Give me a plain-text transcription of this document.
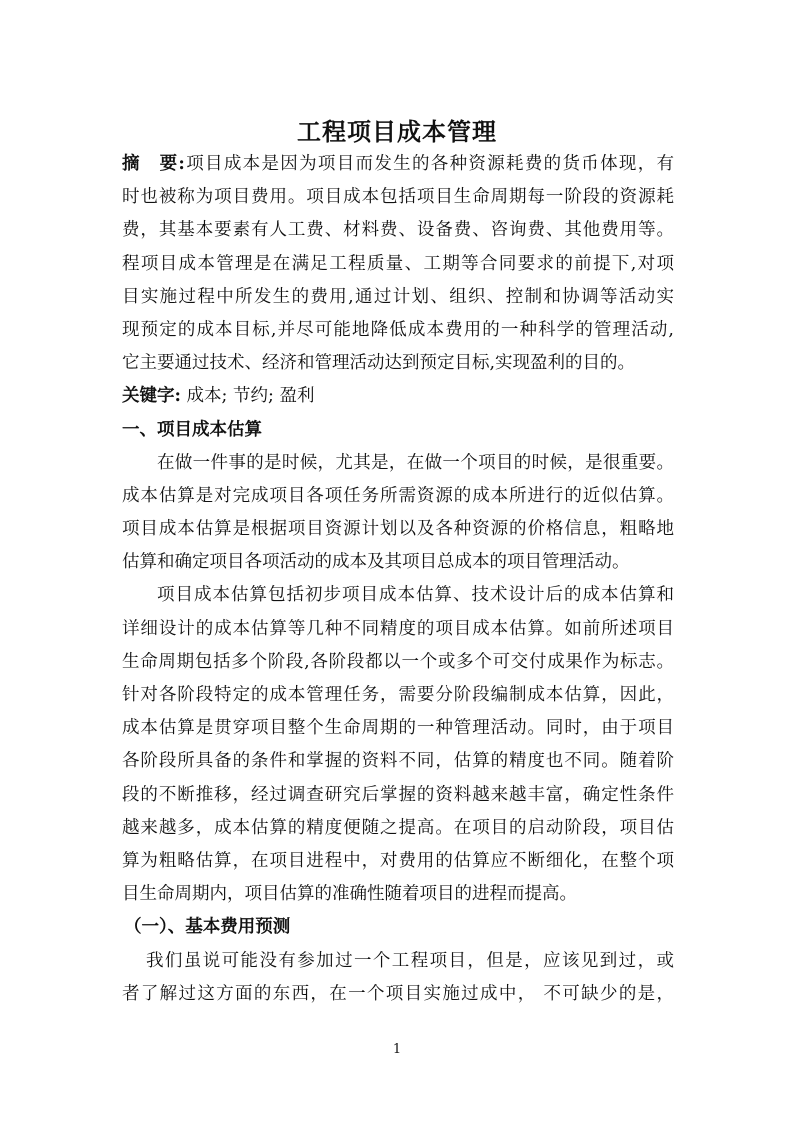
工程项目成本管理
摘　要:项目成本是因为项目而发生的各种资源耗费的货币体现，有
时也被称为项目费用。项目成本包括项目生命周期每一阶段的资源耗
费，其基本要素有人工费、材料费、设备费、咨询费、其他费用等。
程项目成本管理是在满足工程质量、工期等合同要求的前提下,对项
目实施过程中所发生的费用,通过计划、组织、控制和协调等活动实
现预定的成本目标,并尽可能地降低成本费用的一种科学的管理活动,
它主要通过技术、经济和管理活动达到预定目标,实现盈利的目的。
关键字: 成本; 节约; 盈利
一、项目成本估算
在做一件事的是时候，尤其是，在做一个项目的时候，是很重要。
成本估算是对完成项目各项任务所需资源的成本所进行的近似估算。
项目成本估算是根据项目资源计划以及各种资源的价格信息，粗略地
估算和确定项目各项活动的成本及其项目总成本的项目管理活动。
项目成本估算包括初步项目成本估算、技术设计后的成本估算和
详细设计的成本估算等几种不同精度的项目成本估算。如前所述项目
生命周期包括多个阶段,各阶段都以一个或多个可交付成果作为标志。
针对各阶段特定的成本管理任务，需要分阶段编制成本估算，因此，
成本估算是贯穿项目整个生命周期的一种管理活动。同时，由于项目
各阶段所具备的条件和掌握的资料不同，估算的精度也不同。随着阶
段的不断推移，经过调查研究后掌握的资料越来越丰富，确定性条件
越来越多，成本估算的精度便随之提高。在项目的启动阶段，项目估
算为粗略估算，在项目进程中，对费用的估算应不断细化，在整个项
目生命周期内，项目估算的准确性随着项目的进程而提高。
（一）、基本费用预测
我们虽说可能没有参加过一个工程项目，但是，应该见到过，或
者了解过这方面的东西，在一个项目实施过成中， 不可缺少的是，
1
